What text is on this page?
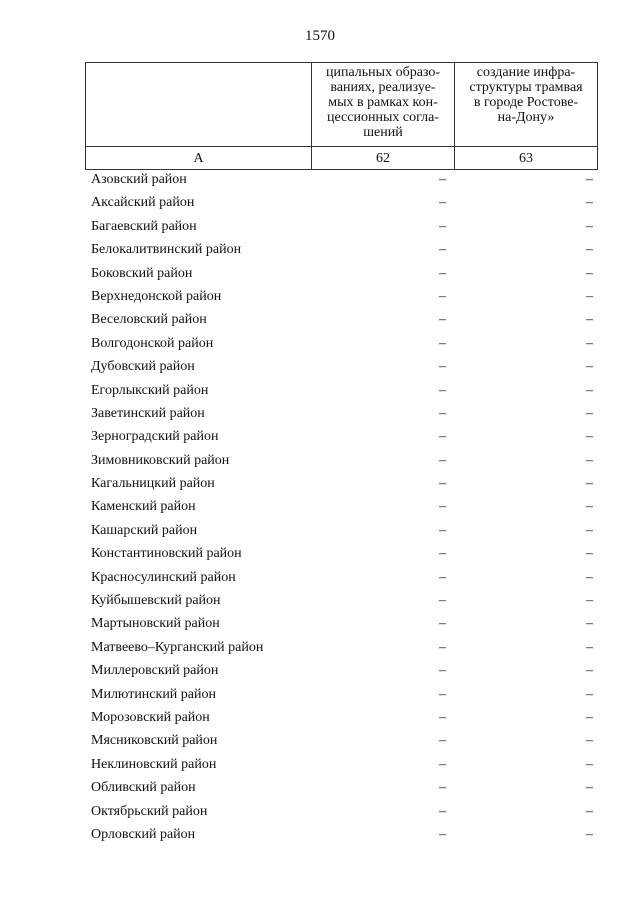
1570

	ципальных образо-
ваниях, реализуе-
мых в рамках кон-
цессионных согла-
шений	создание инфра-
структуры трамвая
в городе Ростове-
на-Дону»

А	62	63
Азовский район	–	–
Аксайский район	–	–
Багаевский район	–	–
Белокалитвинский район	–	–
Боковский район	–	–
Верхнедонской район	–	–
Веселовский район	–	–
Волгодонской район	–	–
Дубовский район	–	–
Егорлыкский район	–	–
Заветинский район	–	–
Зерноградский район	–	–
Зимовниковский район	–	–
Кагальницкий район	–	–
Каменский район	–	–
Кашарский район	–	–
Константиновский район	–	–
Красносулинский район	–	–
Куйбышевский район	–	–
Мартыновский район	–	–
Матвеево–Курганский район	–	–
Миллеровский район	–	–
Милютинский район	–	–
Морозовский район	–	–
Мясниковский район	–	–
Неклиновский район	–	–
Обливский район	–	–
Октябрьский район	–	–
Орловский район	–	–
